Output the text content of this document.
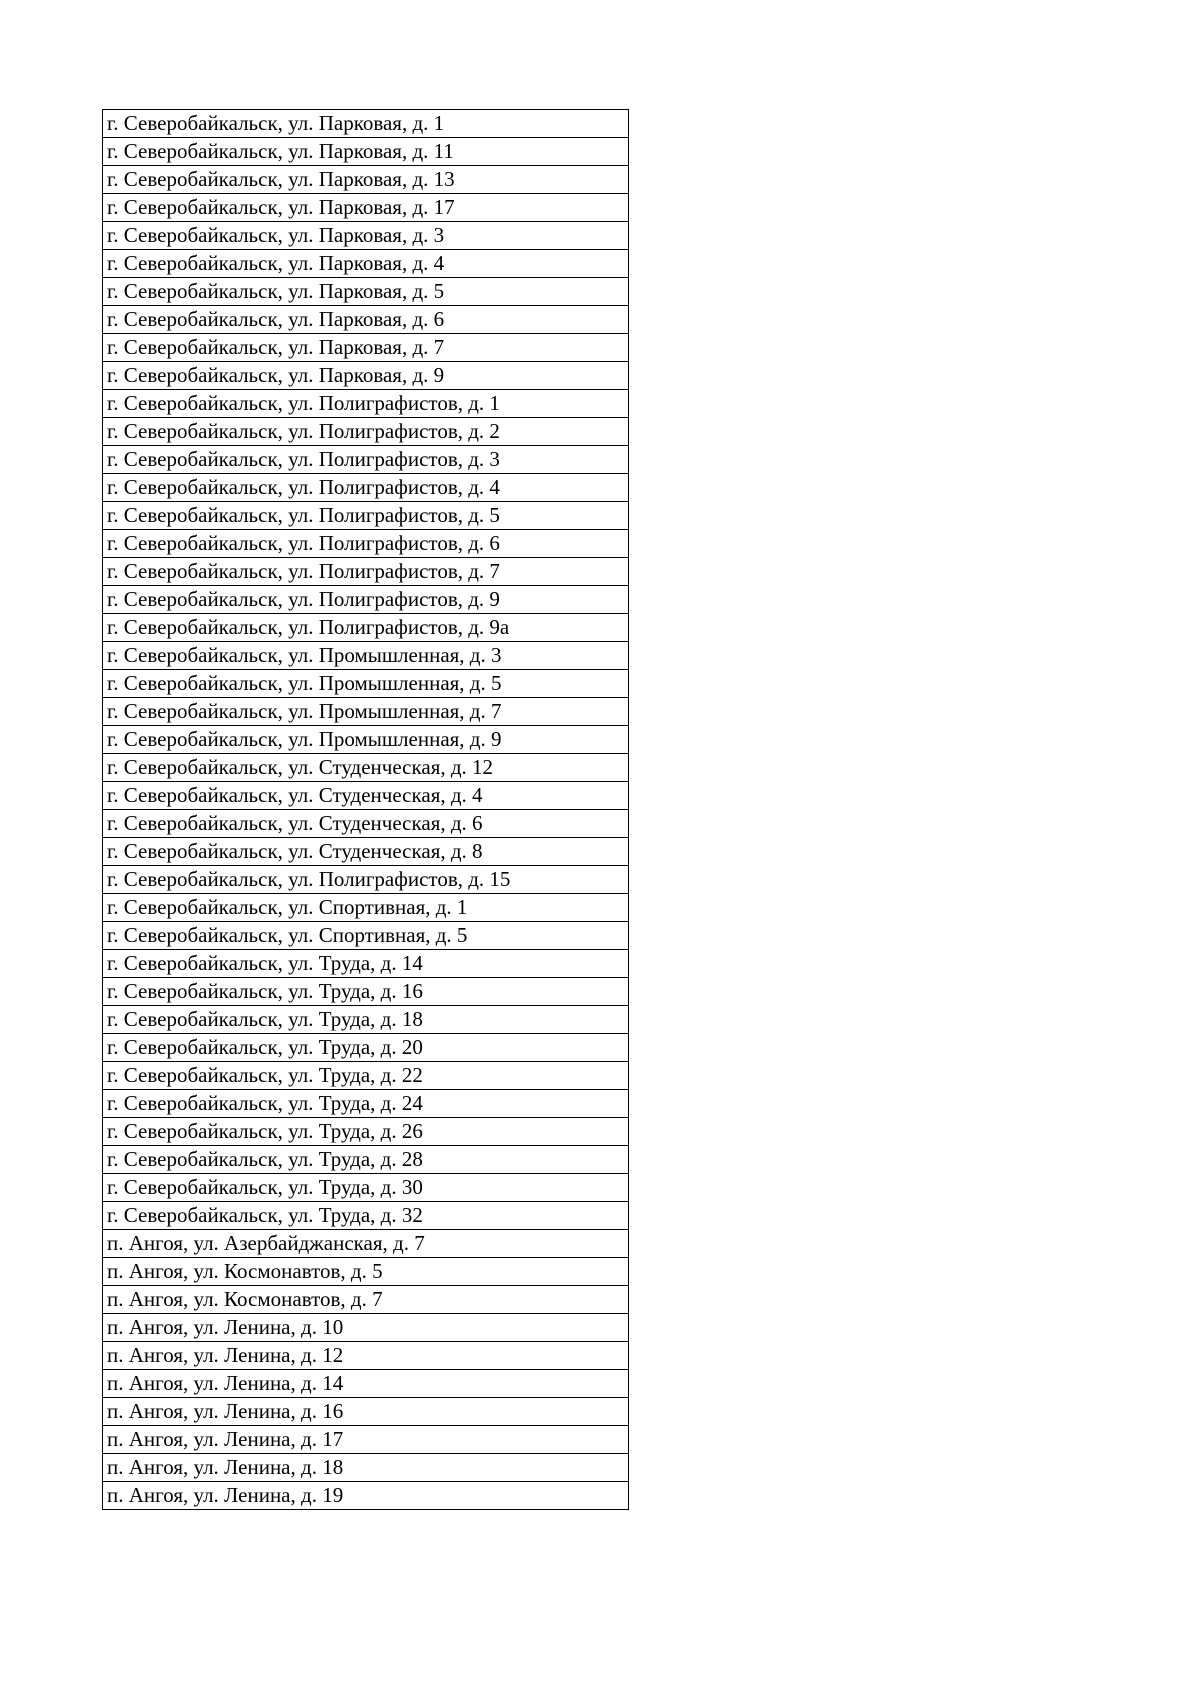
г. Северобайкальск, ул. Парковая, д. 1
г. Северобайкальск, ул. Парковая, д. 11
г. Северобайкальск, ул. Парковая, д. 13
г. Северобайкальск, ул. Парковая, д. 17
г. Северобайкальск, ул. Парковая, д. 3
г. Северобайкальск, ул. Парковая, д. 4
г. Северобайкальск, ул. Парковая, д. 5
г. Северобайкальск, ул. Парковая, д. 6
г. Северобайкальск, ул. Парковая, д. 7
г. Северобайкальск, ул. Парковая, д. 9
г. Северобайкальск, ул. Полиграфистов, д. 1
г. Северобайкальск, ул. Полиграфистов, д. 2
г. Северобайкальск, ул. Полиграфистов, д. 3
г. Северобайкальск, ул. Полиграфистов, д. 4
г. Северобайкальск, ул. Полиграфистов, д. 5
г. Северобайкальск, ул. Полиграфистов, д. 6
г. Северобайкальск, ул. Полиграфистов, д. 7
г. Северобайкальск, ул. Полиграфистов, д. 9
г. Северобайкальск, ул. Полиграфистов, д. 9а
г. Северобайкальск, ул. Промышленная, д. 3
г. Северобайкальск, ул. Промышленная, д. 5
г. Северобайкальск, ул. Промышленная, д. 7
г. Северобайкальск, ул. Промышленная, д. 9
г. Северобайкальск, ул. Студенческая, д. 12
г. Северобайкальск, ул. Студенческая, д. 4
г. Северобайкальск, ул. Студенческая, д. 6
г. Северобайкальск, ул. Студенческая, д. 8
г. Северобайкальск, ул. Полиграфистов, д. 15
г. Северобайкальск, ул. Спортивная, д. 1
г. Северобайкальск, ул. Спортивная, д. 5
г. Северобайкальск, ул. Труда, д. 14
г. Северобайкальск, ул. Труда, д. 16
г. Северобайкальск, ул. Труда, д. 18
г. Северобайкальск, ул. Труда, д. 20
г. Северобайкальск, ул. Труда, д. 22
г. Северобайкальск, ул. Труда, д. 24
г. Северобайкальск, ул. Труда, д. 26
г. Северобайкальск, ул. Труда, д. 28
г. Северобайкальск, ул. Труда, д. 30
г. Северобайкальск, ул. Труда, д. 32
п. Ангоя, ул. Азербайджанская, д. 7
п. Ангоя, ул. Космонавтов, д. 5
п. Ангоя, ул. Космонавтов, д. 7
п. Ангоя, ул. Ленина, д. 10
п. Ангоя, ул. Ленина, д. 12
п. Ангоя, ул. Ленина, д. 14
п. Ангоя, ул. Ленина, д. 16
п. Ангоя, ул. Ленина, д. 17
п. Ангоя, ул. Ленина, д. 18
п. Ангоя, ул. Ленина, д. 19
